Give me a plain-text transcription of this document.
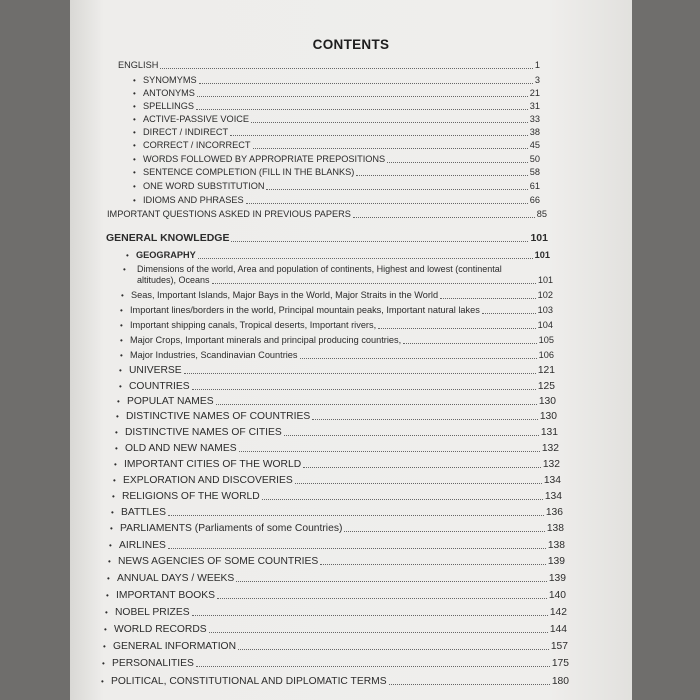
CONTENTS
ENGLISH	1
• SYNOMYMS	3
• ANTONYMS	21
• SPELLINGS	31
• ACTIVE-PASSIVE VOICE	33
• DIRECT / INDIRECT	38
• CORRECT / INCORRECT	45
• WORDS FOLLOWED BY APPROPRIATE PREPOSITIONS	50
• SENTENCE COMPLETION (FILL IN THE BLANKS)	58
• ONE WORD SUBSTITUTION	61
• IDIOMS AND PHRASES	66
IMPORTANT QUESTIONS ASKED IN PREVIOUS PAPERS	85
GENERAL KNOWLEDGE	101
• GEOGRAPHY	101
•	Dimensions of the world, Area and population of continents, Highest and lowest (continental
altitudes), Oceans	101
• Seas, Important Islands, Major Bays in the World, Major Straits in the World	102
• Important lines/borders in the world, Principal mountain peaks, Important natural lakes	103
• Important shipping canals, Tropical deserts, Important rivers,	104
• Major Crops, Important minerals and principal producing countries,	105
• Major Industries, Scandinavian Countries	106
• UNIVERSE	121
• COUNTRIES	125
• POPULAT NAMES	130
• DISTINCTIVE NAMES OF COUNTRIES	130
• DISTINCTIVE NAMES OF CITIES	131
• OLD AND NEW NAMES	132
• IMPORTANT CITIES OF THE WORLD	132
• EXPLORATION AND DISCOVERIES	134
• RELIGIONS OF THE WORLD	134
• BATTLES	136
• PARLIAMENTS (Parliaments of some Countries)	138
• AIRLINES	138
• NEWS AGENCIES OF SOME COUNTRIES	139
• ANNUAL DAYS / WEEKS	139
• IMPORTANT BOOKS	140
• NOBEL PRIZES	142
• WORLD RECORDS	144
• GENERAL INFORMATION	157
• PERSONALITIES	175
• POLITICAL, CONSTITUTIONAL AND DIPLOMATIC TERMS	180
